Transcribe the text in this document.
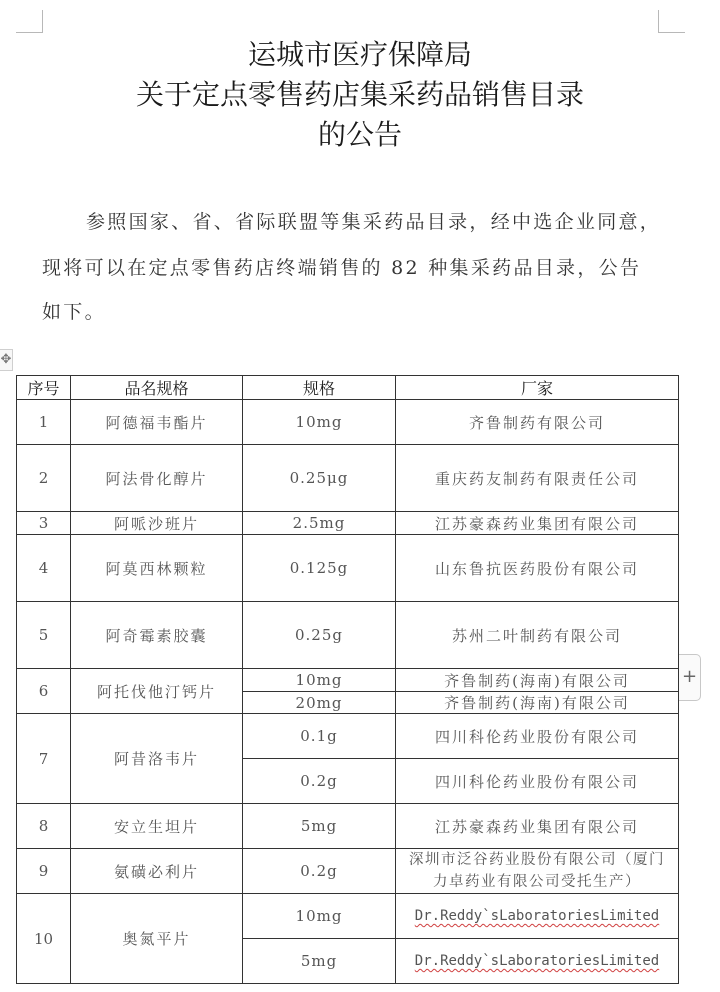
运城市医疗保障局
关于定点零售药店集采药品销售目录
的公告
参照国家、省、省际联盟等集采药品目录，经中选企业同意，
现将可以在定点零售药店终端销售的 82 种集采药品目录，公告
如下。
✥
+
序号	品名规格	规格	厂家
1	阿德福韦酯片	10mg	齐鲁制药有限公司
2	阿法骨化醇片	0.25μg	重庆药友制药有限责任公司
3	阿哌沙班片	2.5mg	江苏豪森药业集团有限公司
4	阿莫西林颗粒	0.125g	山东鲁抗医药股份有限公司
5	阿奇霉素胶囊	0.25g	苏州二叶制药有限公司
6	阿托伐他汀钙片	10mg	齐鲁制药(海南)有限公司
		20mg	齐鲁制药(海南)有限公司
7	阿昔洛韦片	0.1g	四川科伦药业股份有限公司
		0.2g	四川科伦药业股份有限公司
8	安立生坦片	5mg	江苏豪森药业集团有限公司
9	氨磺必利片	0.2g	深圳市泛谷药业股份有限公司（厦门
力卓药业有限公司受托生产）

10	奥氮平片	10mg	Dr.Reddy`sLaboratoriesLimited
		5mg	Dr.Reddy`sLaboratoriesLimited
